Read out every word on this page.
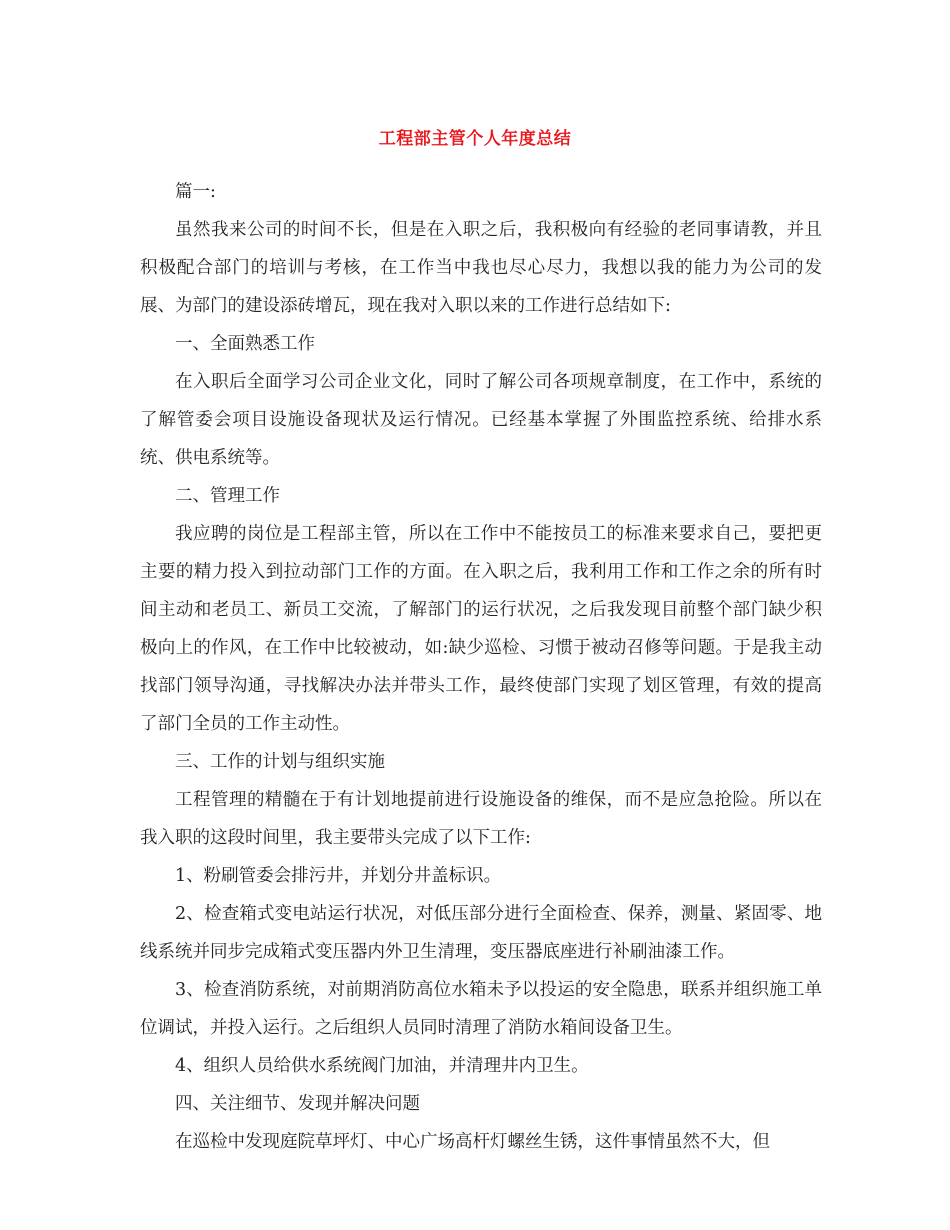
工程部主管个人年度总结

篇一:

虽然我来公司的时间不长，但是在入职之后，我积极向有经验的老同事请教，并且积极配合部门的培训与考核，在工作当中我也尽心尽力，我想以我的能力为公司的发展、为部门的建设添砖增瓦，现在我对入职以来的工作进行总结如下:

一、全面熟悉工作

在入职后全面学习公司企业文化，同时了解公司各项规章制度，在工作中，系统的了解管委会项目设施设备现状及运行情况。已经基本掌握了外围监控系统、给排水系统、供电系统等。

二、管理工作

我应聘的岗位是工程部主管，所以在工作中不能按员工的标准来要求自己，要把更主要的精力投入到拉动部门工作的方面。在入职之后，我利用工作和工作之余的所有时间主动和老员工、新员工交流，了解部门的运行状况，之后我发现目前整个部门缺少积极向上的作风，在工作中比较被动，如:缺少巡检、习惯于被动召修等问题。于是我主动找部门领导沟通，寻找解决办法并带头工作，最终使部门实现了划区管理，有效的提高了部门全员的工作主动性。

三、工作的计划与组织实施

工程管理的精髓在于有计划地提前进行设施设备的维保，而不是应急抢险。所以在我入职的这段时间里，我主要带头完成了以下工作:

1、粉刷管委会排污井，并划分井盖标识。

2、检查箱式变电站运行状况，对低压部分进行全面检查、保养，测量、紧固零、地线系统并同步完成箱式变压器内外卫生清理，变压器底座进行补刷油漆工作。

3、检查消防系统，对前期消防高位水箱未予以投运的安全隐患，联系并组织施工单位调试，并投入运行。之后组织人员同时清理了消防水箱间设备卫生。

4、组织人员给供水系统阀门加油，并清理井内卫生。

四、关注细节、发现并解决问题

在巡检中发现庭院草坪灯、中心广场高杆灯螺丝生锈，这件事情虽然不大，但
